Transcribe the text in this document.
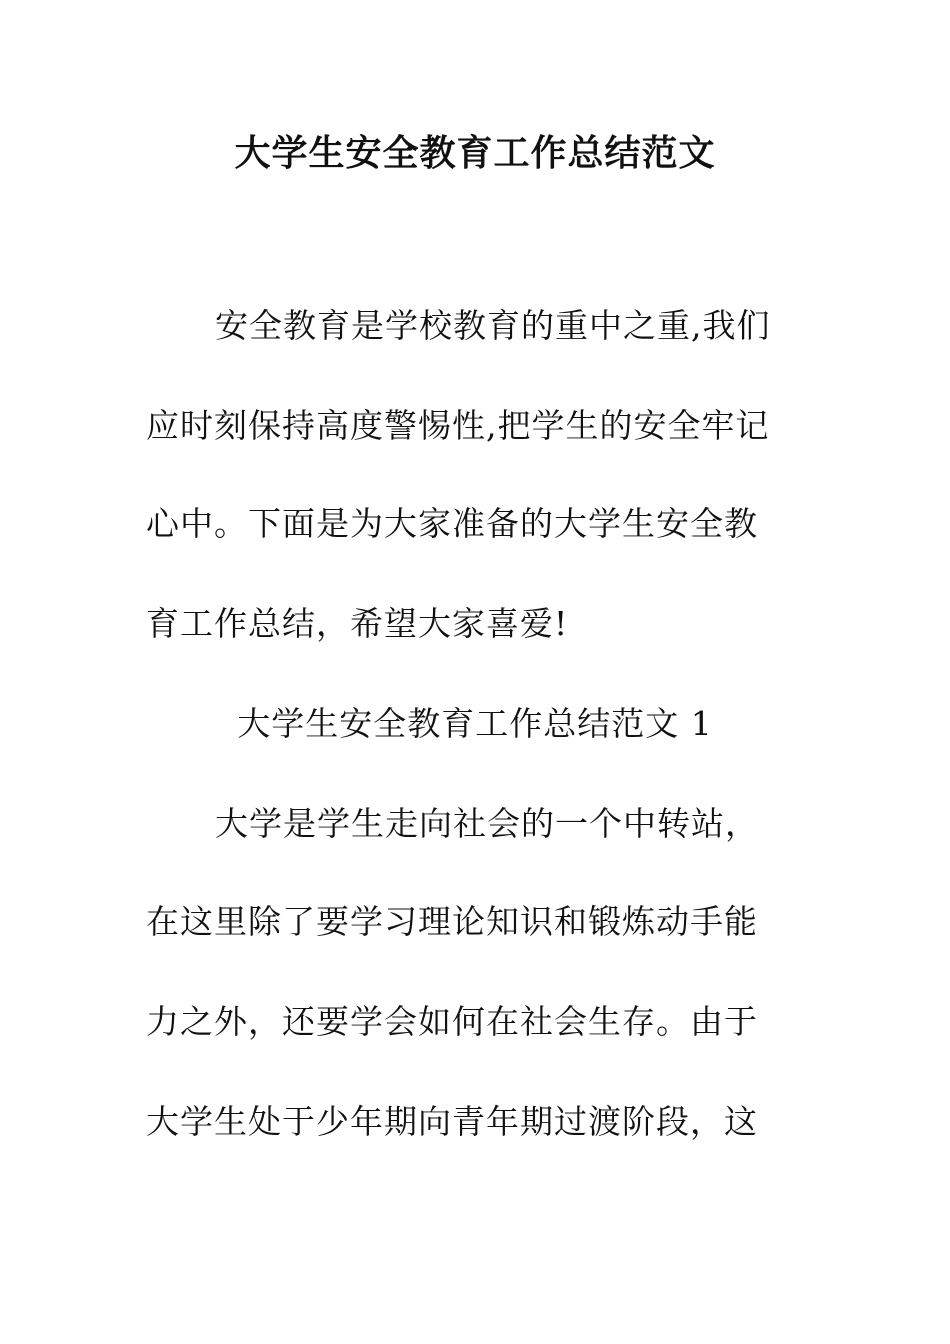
大学生安全教育工作总结范文
安全教育是学校教育的重中之重,我们
应时刻保持高度警惕性,把学生的安全牢记
心中。下面是为大家准备的大学生安全教
育工作总结，希望大家喜爱!
大学生安全教育工作总结范文 1
大学是学生走向社会的一个中转站，
在这里除了要学习理论知识和锻炼动手能
力之外，还要学会如何在社会生存。由于
大学生处于少年期向青年期过渡阶段，这
